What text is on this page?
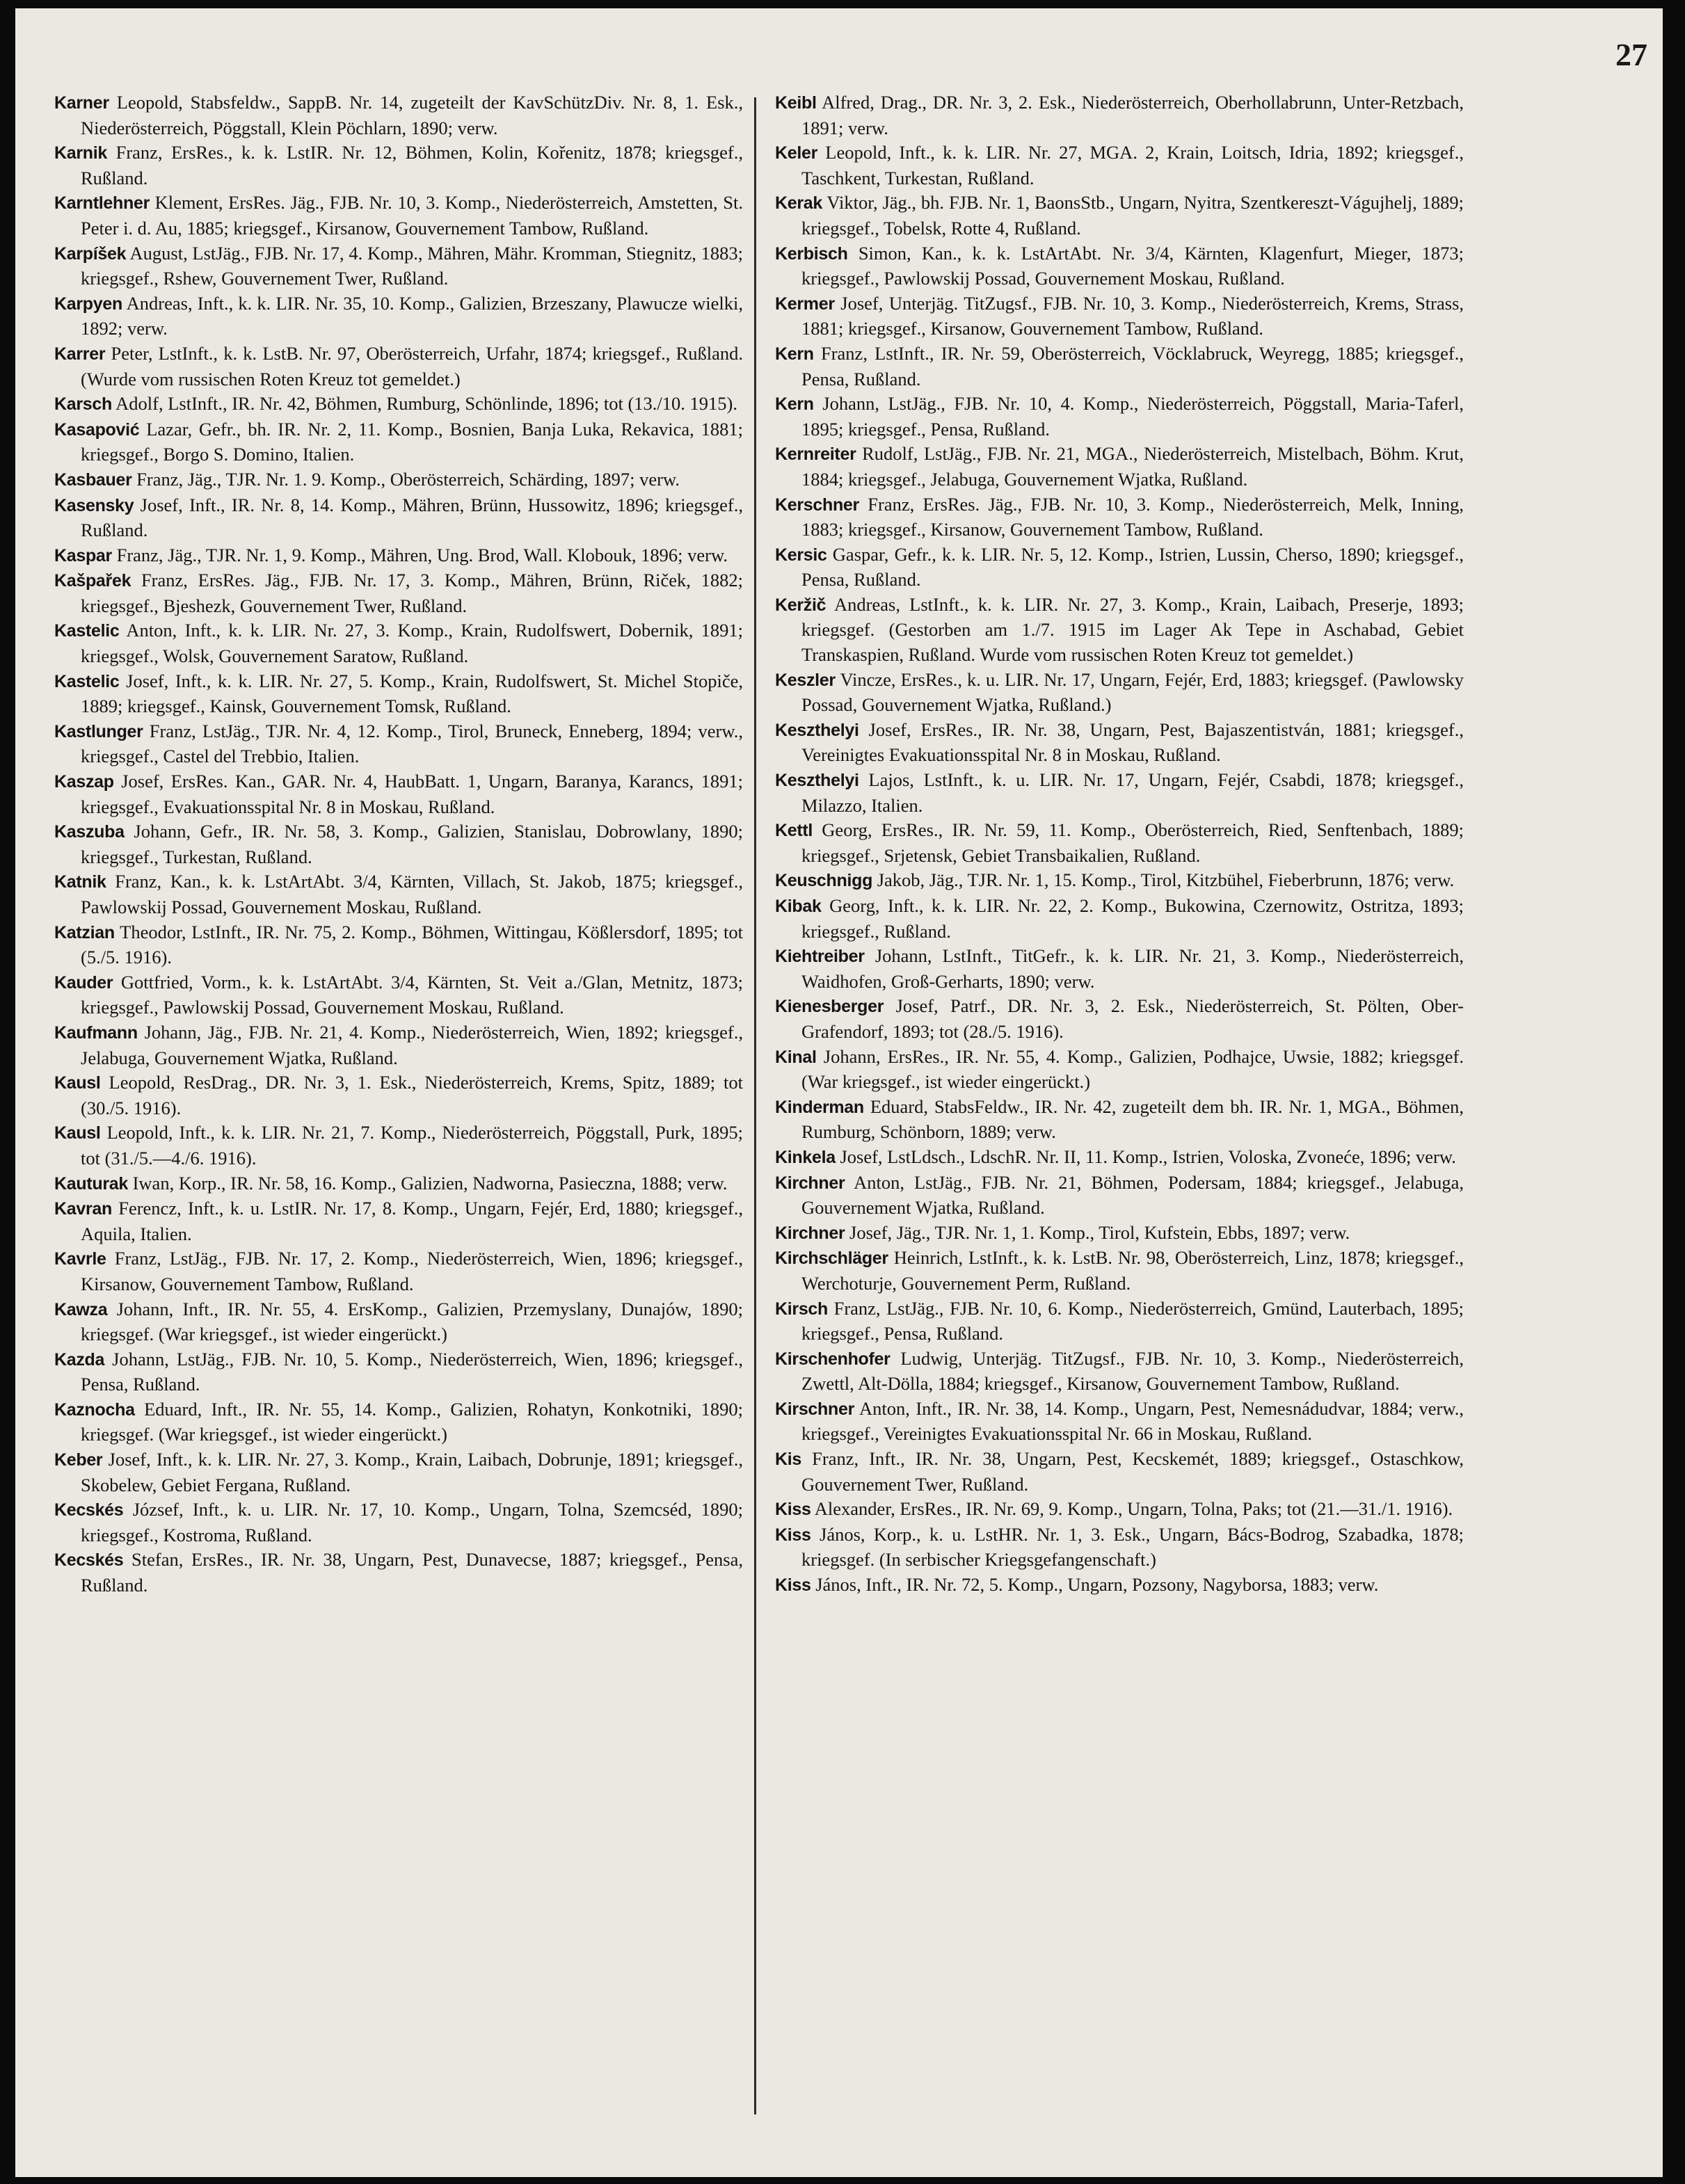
27

Karner Leopold, Stabsfeldw., SappB. Nr. 14, zugeteilt der KavSchützDiv. Nr. 8, 1. Esk., Niederösterreich, Pöggstall, Klein Pöchlarn, 1890; verw.

Karnik Franz, ErsRes., k. k. LstIR. Nr. 12, Böhmen, Kolin, Kořenitz, 1878; kriegsgef., Rußland.

Karntlehner Klement, ErsRes. Jäg., FJB. Nr. 10, 3. Komp., Niederösterreich, Amstetten, St. Peter i. d. Au, 1885; kriegsgef., Kirsanow, Gouvernement Tambow, Rußland.

Karpíšek August, LstJäg., FJB. Nr. 17, 4. Komp., Mähren, Mähr. Kromman, Stiegnitz, 1883; kriegsgef., Rshew, Gouvernement Twer, Rußland.

Karpyen Andreas, Inft., k. k. LIR. Nr. 35, 10. Komp., Galizien, Brzeszany, Plawucze wielki, 1892; verw.

Karrer Peter, LstInft., k. k. LstB. Nr. 97, Oberösterreich, Urfahr, 1874; kriegsgef., Rußland. (Wurde vom russischen Roten Kreuz tot gemeldet.)

Karsch Adolf, LstInft., IR. Nr. 42, Böhmen, Rumburg, Schönlinde, 1896; tot (13./10. 1915).

Kasapović Lazar, Gefr., bh. IR. Nr. 2, 11. Komp., Bosnien, Banja Luka, Rekavica, 1881; kriegsgef., Borgo S. Domino, Italien.

Kasbauer Franz, Jäg., TJR. Nr. 1. 9. Komp., Oberösterreich, Schärding, 1897; verw.

Kasensky Josef, Inft., IR. Nr. 8, 14. Komp., Mähren, Brünn, Hussowitz, 1896; kriegsgef., Rußland.

Kaspar Franz, Jäg., TJR. Nr. 1, 9. Komp., Mähren, Ung. Brod, Wall. Klobouk, 1896; verw.

Kašpařek Franz, ErsRes. Jäg., FJB. Nr. 17, 3. Komp., Mähren, Brünn, Riček, 1882; kriegsgef., Bjeshezk, Gouvernement Twer, Rußland.

Kastelic Anton, Inft., k. k. LIR. Nr. 27, 3. Komp., Krain, Rudolfswert, Dobernik, 1891; kriegsgef., Wolsk, Gouvernement Saratow, Rußland.

Kastelic Josef, Inft., k. k. LIR. Nr. 27, 5. Komp., Krain, Rudolfswert, St. Michel Stopiče, 1889; kriegsgef., Kainsk, Gouvernement Tomsk, Rußland.

Kastlunger Franz, LstJäg., TJR. Nr. 4, 12. Komp., Tirol, Bruneck, Enneberg, 1894; verw., kriegsgef., Castel del Trebbio, Italien.

Kaszap Josef, ErsRes. Kan., GAR. Nr. 4, HaubBatt. 1, Ungarn, Baranya, Karancs, 1891; kriegsgef., Evakuationsspital Nr. 8 in Moskau, Rußland.

Kaszuba Johann, Gefr., IR. Nr. 58, 3. Komp., Galizien, Stanislau, Dobrowlany, 1890; kriegsgef., Turkestan, Rußland.

Katnik Franz, Kan., k. k. LstArtAbt. 3/4, Kärnten, Villach, St. Jakob, 1875; kriegsgef., Pawlowskij Possad, Gouvernement Moskau, Rußland.

Katzian Theodor, LstInft., IR. Nr. 75, 2. Komp., Böhmen, Wittingau, Kößlersdorf, 1895; tot (5./5. 1916).

Kauder Gottfried, Vorm., k. k. LstArtAbt. 3/4, Kärnten, St. Veit a./Glan, Metnitz, 1873; kriegsgef., Pawlowskij Possad, Gouvernement Moskau, Rußland.

Kaufmann Johann, Jäg., FJB. Nr. 21, 4. Komp., Niederösterreich, Wien, 1892; kriegsgef., Jelabuga, Gouvernement Wjatka, Rußland.

Kausl Leopold, ResDrag., DR. Nr. 3, 1. Esk., Niederösterreich, Krems, Spitz, 1889; tot (30./5. 1916).

Kausl Leopold, Inft., k. k. LIR. Nr. 21, 7. Komp., Niederösterreich, Pöggstall, Purk, 1895; tot (31./5.—4./6. 1916).

Kauturak Iwan, Korp., IR. Nr. 58, 16. Komp., Galizien, Nadworna, Pasieczna, 1888; verw.

Kavran Ferencz, Inft., k. u. LstIR. Nr. 17, 8. Komp., Ungarn, Fejér, Erd, 1880; kriegsgef., Aquila, Italien.

Kavrle Franz, LstJäg., FJB. Nr. 17, 2. Komp., Niederösterreich, Wien, 1896; kriegsgef., Kirsanow, Gouvernement Tambow, Rußland.

Kawza Johann, Inft., IR. Nr. 55, 4. ErsKomp., Galizien, Przemyslany, Dunajów, 1890; kriegsgef. (War kriegsgef., ist wieder eingerückt.)

Kazda Johann, LstJäg., FJB. Nr. 10, 5. Komp., Niederösterreich, Wien, 1896; kriegsgef., Pensa, Rußland.

Kaznocha Eduard, Inft., IR. Nr. 55, 14. Komp., Galizien, Rohatyn, Konkotniki, 1890; kriegsgef. (War kriegsgef., ist wieder eingerückt.)

Keber Josef, Inft., k. k. LIR. Nr. 27, 3. Komp., Krain, Laibach, Dobrunje, 1891; kriegsgef., Skobelew, Gebiet Fergana, Rußland.

Kecskés József, Inft., k. u. LIR. Nr. 17, 10. Komp., Ungarn, Tolna, Szemcséd, 1890; kriegsgef., Kostroma, Rußland.

Kecskés Stefan, ErsRes., IR. Nr. 38, Ungarn, Pest, Dunavecse, 1887; kriegsgef., Pensa, Rußland.

Keibl Alfred, Drag., DR. Nr. 3, 2. Esk., Niederösterreich, Oberhollabrunn, Unter-Retzbach, 1891; verw.

Keler Leopold, Inft., k. k. LIR. Nr. 27, MGA. 2, Krain, Loitsch, Idria, 1892; kriegsgef., Taschkent, Turkestan, Rußland.

Kerak Viktor, Jäg., bh. FJB. Nr. 1, BaonsStb., Ungarn, Nyitra, Szentkereszt-Vágujhelj, 1889; kriegsgef., Tobelsk, Rotte 4, Rußland.

Kerbisch Simon, Kan., k. k. LstArtAbt. Nr. 3/4, Kärnten, Klagenfurt, Mieger, 1873; kriegsgef., Pawlowskij Possad, Gouvernement Moskau, Rußland.

Kermer Josef, Unterjäg. TitZugsf., FJB. Nr. 10, 3. Komp., Niederösterreich, Krems, Strass, 1881; kriegsgef., Kirsanow, Gouvernement Tambow, Rußland.

Kern Franz, LstInft., IR. Nr. 59, Oberösterreich, Vöcklabruck, Weyregg, 1885; kriegsgef., Pensa, Rußland.

Kern Johann, LstJäg., FJB. Nr. 10, 4. Komp., Niederösterreich, Pöggstall, Maria-Taferl, 1895; kriegsgef., Pensa, Rußland.

Kernreiter Rudolf, LstJäg., FJB. Nr. 21, MGA., Niederösterreich, Mistelbach, Böhm. Krut, 1884; kriegsgef., Jelabuga, Gouvernement Wjatka, Rußland.

Kerschner Franz, ErsRes. Jäg., FJB. Nr. 10, 3. Komp., Niederösterreich, Melk, Inning, 1883; kriegsgef., Kirsanow, Gouvernement Tambow, Rußland.

Kersic Gaspar, Gefr., k. k. LIR. Nr. 5, 12. Komp., Istrien, Lussin, Cherso, 1890; kriegsgef., Pensa, Rußland.

Keržič Andreas, LstInft., k. k. LIR. Nr. 27, 3. Komp., Krain, Laibach, Preserje, 1893; kriegsgef. (Gestorben am 1./7. 1915 im Lager Ak Tepe in Aschabad, Gebiet Transkaspien, Rußland. Wurde vom russischen Roten Kreuz tot gemeldet.)

Keszler Vincze, ErsRes., k. u. LIR. Nr. 17, Ungarn, Fejér, Erd, 1883; kriegsgef. (Pawlowsky Possad, Gouvernement Wjatka, Rußland.)

Keszthelyi Josef, ErsRes., IR. Nr. 38, Ungarn, Pest, Bajaszentistván, 1881; kriegsgef., Vereinigtes Evakuationsspital Nr. 8 in Moskau, Rußland.

Keszthelyi Lajos, LstInft., k. u. LIR. Nr. 17, Ungarn, Fejér, Csabdi, 1878; kriegsgef., Milazzo, Italien.

Kettl Georg, ErsRes., IR. Nr. 59, 11. Komp., Oberösterreich, Ried, Senftenbach, 1889; kriegsgef., Srjetensk, Gebiet Transbaikalien, Rußland.

Keuschnigg Jakob, Jäg., TJR. Nr. 1, 15. Komp., Tirol, Kitzbühel, Fieberbrunn, 1876; verw.

Kibak Georg, Inft., k. k. LIR. Nr. 22, 2. Komp., Bukowina, Czernowitz, Ostritza, 1893; kriegsgef., Rußland.

Kiehtreiber Johann, LstInft., TitGefr., k. k. LIR. Nr. 21, 3. Komp., Niederösterreich, Waidhofen, Groß-Gerharts, 1890; verw.

Kienesberger Josef, Patrf., DR. Nr. 3, 2. Esk., Niederösterreich, St. Pölten, Ober-Grafendorf, 1893; tot (28./5. 1916).

Kinal Johann, ErsRes., IR. Nr. 55, 4. Komp., Galizien, Podhajce, Uwsie, 1882; kriegsgef. (War kriegsgef., ist wieder eingerückt.)

Kinderman Eduard, StabsFeldw., IR. Nr. 42, zugeteilt dem bh. IR. Nr. 1, MGA., Böhmen, Rumburg, Schönborn, 1889; verw.

Kinkela Josef, LstLdsch., LdschR. Nr. II, 11. Komp., Istrien, Voloska, Zvoneće, 1896; verw.

Kirchner Anton, LstJäg., FJB. Nr. 21, Böhmen, Podersam, 1884; kriegsgef., Jelabuga, Gouvernement Wjatka, Rußland.

Kirchner Josef, Jäg., TJR. Nr. 1, 1. Komp., Tirol, Kufstein, Ebbs, 1897; verw.

Kirchschläger Heinrich, LstInft., k. k. LstB. Nr. 98, Oberösterreich, Linz, 1878; kriegsgef., Werchoturje, Gouvernement Perm, Rußland.

Kirsch Franz, LstJäg., FJB. Nr. 10, 6. Komp., Niederösterreich, Gmünd, Lauterbach, 1895; kriegsgef., Pensa, Rußland.

Kirschenhofer Ludwig, Unterjäg. TitZugsf., FJB. Nr. 10, 3. Komp., Niederösterreich, Zwettl, Alt-Dölla, 1884; kriegsgef., Kirsanow, Gouvernement Tambow, Rußland.

Kirschner Anton, Inft., IR. Nr. 38, 14. Komp., Ungarn, Pest, Nemesnádudvar, 1884; verw., kriegsgef., Vereinigtes Evakuationsspital Nr. 66 in Moskau, Rußland.

Kis Franz, Inft., IR. Nr. 38, Ungarn, Pest, Kecskemét, 1889; kriegsgef., Ostaschkow, Gouvernement Twer, Rußland.

Kiss Alexander, ErsRes., IR. Nr. 69, 9. Komp., Ungarn, Tolna, Paks; tot (21.—31./1. 1916).

Kiss János, Korp., k. u. LstHR. Nr. 1, 3. Esk., Ungarn, Bács-Bodrog, Szabadka, 1878; kriegsgef. (In serbischer Kriegsgefangenschaft.)

Kiss János, Inft., IR. Nr. 72, 5. Komp., Ungarn, Pozsony, Nagyborsa, 1883; verw.
